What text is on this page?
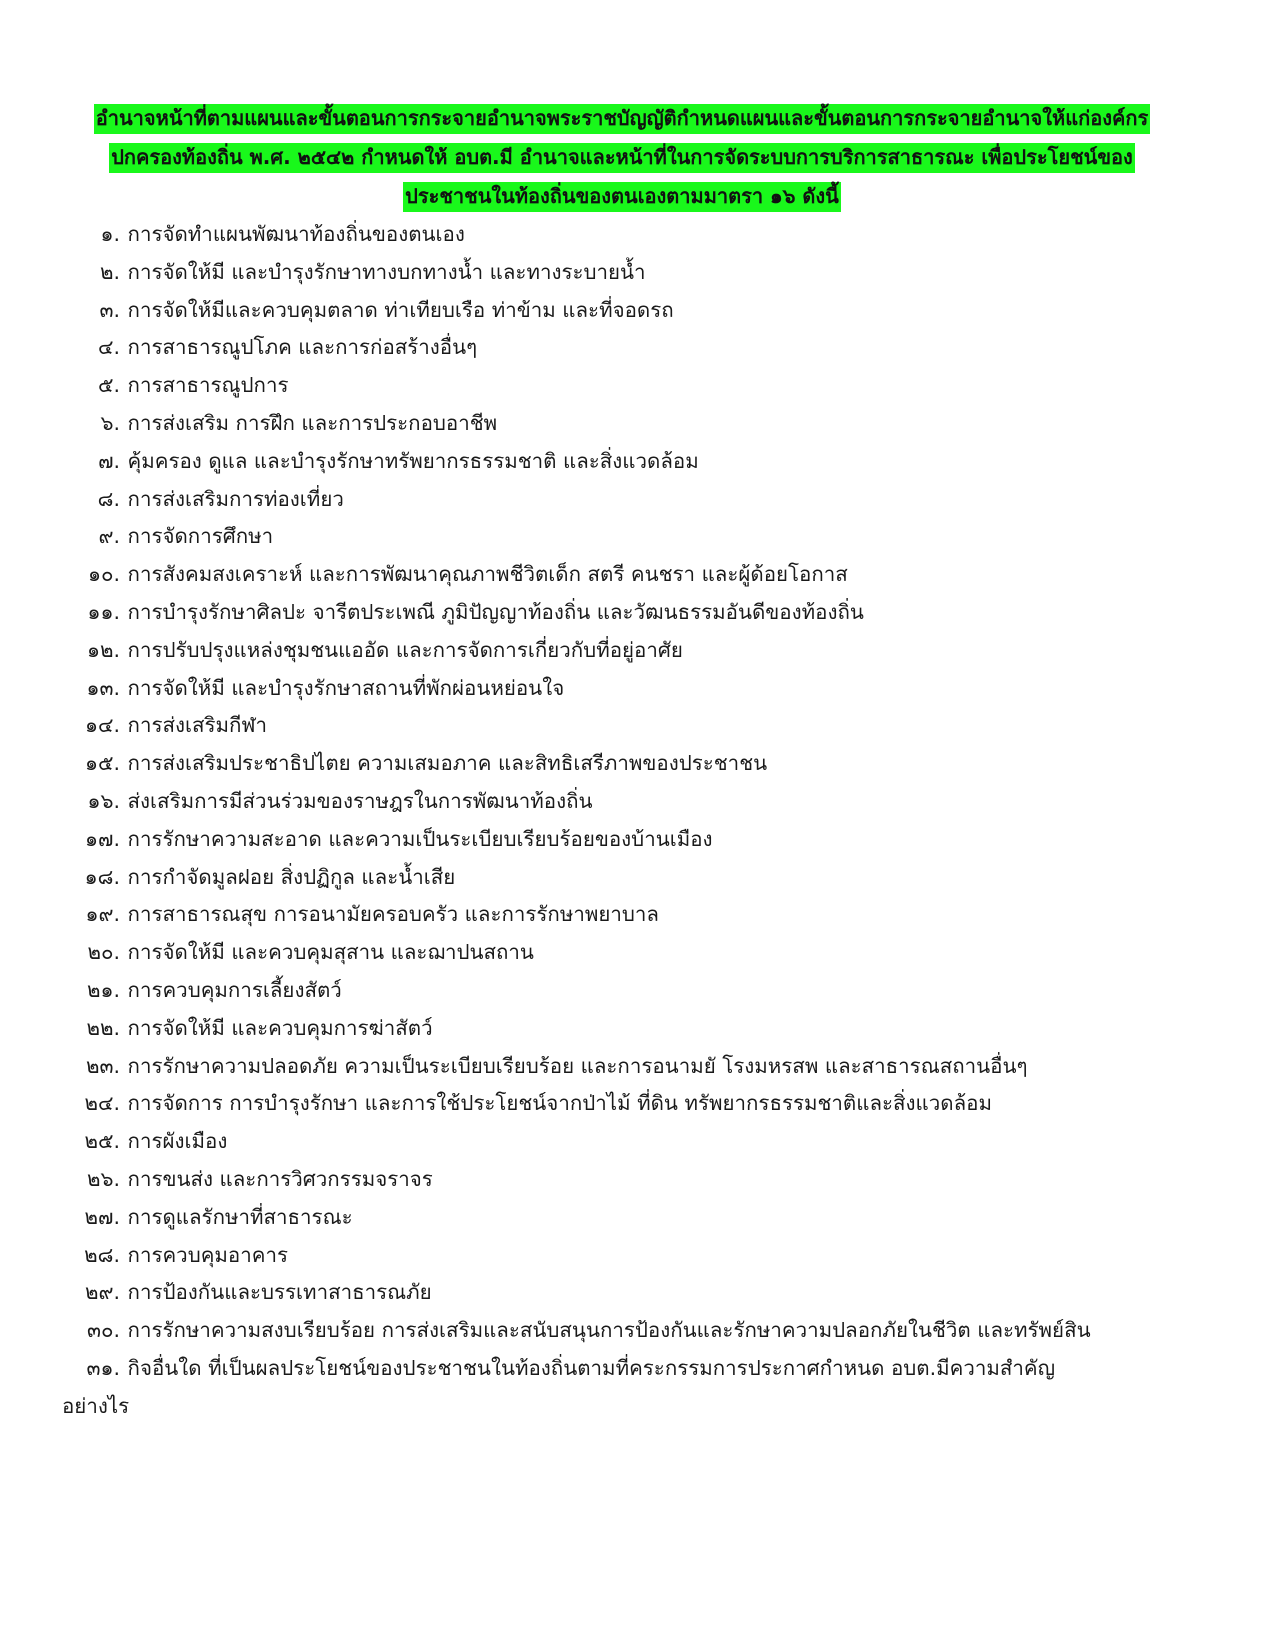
อำนาจหน้าที่ตามแผนและขั้นตอนการกระจายอำนาจพระราชบัญญัติกำหนดแผนและขั้นตอนการกระจายอำนาจให้แก่องค์กร
ปกครองท้องถิ่น พ.ศ. ๒๕๔๒ กำหนดให้ อบต.มี อำนาจและหน้าที่ในการจัดระบบการบริการสาธารณะ เพื่อประโยชน์ของ
ประชาชนในท้องถิ่นของตนเองตามมาตรา ๑๖ ดังนี้
๑. การจัดทำแผนพัฒนาท้องถิ่นของตนเอง
๒. การจัดให้มี และบำรุงรักษาทางบกทางน้ำ และทางระบายน้ำ
๓. การจัดให้มีและควบคุมตลาด ท่าเทียบเรือ ท่าข้าม และที่จอดรถ
๔. การสาธารณูปโภค และการก่อสร้างอื่นๆ
๕. การสาธารณูปการ
๖. การส่งเสริม การฝึก และการประกอบอาชีพ
๗. คุ้มครอง ดูแล และบำรุงรักษาทรัพยากรธรรมชาติ และสิ่งแวดล้อม
๘. การส่งเสริมการท่องเที่ยว
๙. การจัดการศึกษา
๑๐. การสังคมสงเคราะห์ และการพัฒนาคุณภาพชีวิตเด็ก สตรี คนชรา และผู้ด้อยโอกาส
๑๑. การบำรุงรักษาศิลปะ จารีตประเพณี ภูมิปัญญาท้องถิ่น และวัฒนธรรมอันดีของท้องถิ่น
๑๒. การปรับปรุงแหล่งชุมชนแออัด และการจัดการเกี่ยวกับที่อยู่อาศัย
๑๓. การจัดให้มี และบำรุงรักษาสถานที่พักผ่อนหย่อนใจ
๑๔. การส่งเสริมกีฬา
๑๕. การส่งเสริมประชาธิปไตย ความเสมอภาค และสิทธิเสรีภาพของประชาชน
๑๖. ส่งเสริมการมีส่วนร่วมของราษฎรในการพัฒนาท้องถิ่น
๑๗. การรักษาความสะอาด และความเป็นระเบียบเรียบร้อยของบ้านเมือง
๑๘. การกำจัดมูลฝอย สิ่งปฏิกูล และน้ำเสีย
๑๙. การสาธารณสุข การอนามัยครอบครัว และการรักษาพยาบาล
๒๐. การจัดให้มี และควบคุมสุสาน และฌาปนสถาน
๒๑. การควบคุมการเลี้ยงสัตว์
๒๒. การจัดให้มี และควบคุมการฆ่าสัตว์
๒๓. การรักษาความปลอดภัย ความเป็นระเบียบเรียบร้อย และการอนามยั โรงมหรสพ และสาธารณสถานอื่นๆ
๒๔. การจัดการ การบำรุงรักษา และการใช้ประโยชน์จากป่าไม้ ที่ดิน ทรัพยากรธรรมชาติและสิ่งแวดล้อม
๒๕. การผังเมือง
๒๖. การขนส่ง และการวิศวกรรมจราจร
๒๗. การดูแลรักษาที่สาธารณะ
๒๘. การควบคุมอาคาร
๒๙. การป้องกันและบรรเทาสาธารณภัย
๓๐. การรักษาความสงบเรียบร้อย การส่งเสริมและสนับสนุนการป้องกันและรักษาความปลอกภัยในชีวิต และทรัพย์สิน
๓๑. กิจอื่นใด ที่เป็นผลประโยชน์ของประชาชนในท้องถิ่นตามที่คระกรรมการประกาศกำหนด อบต.มีความสำคัญอย่างไร
